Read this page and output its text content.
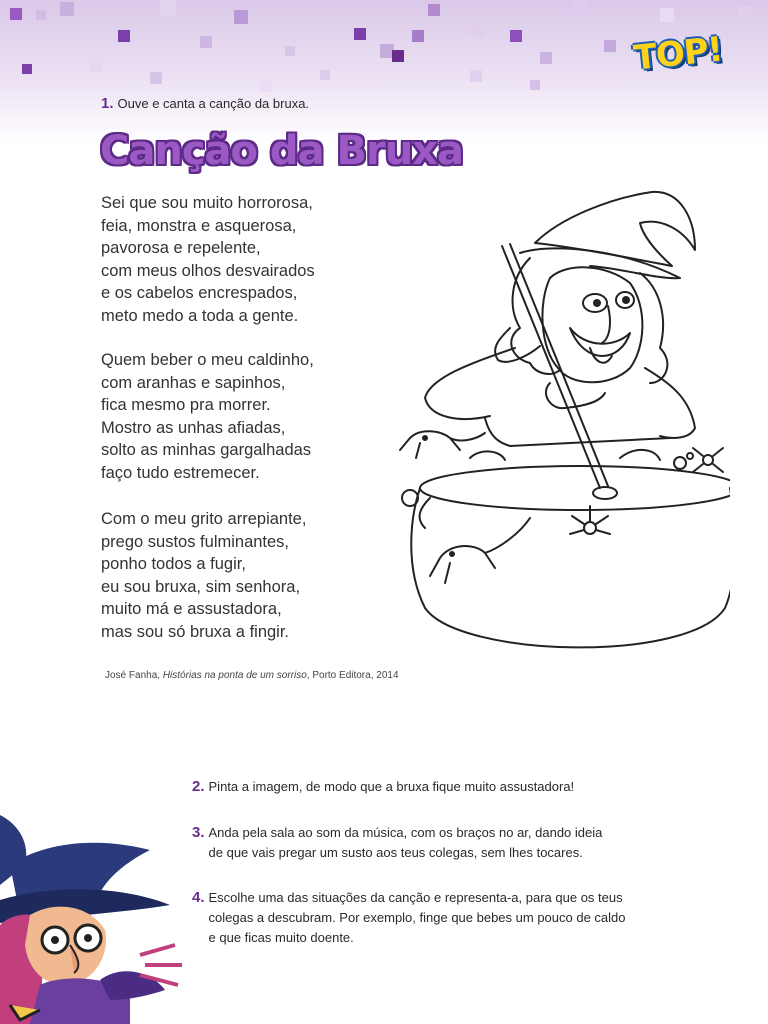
TOP!
1. Ouve e canta a canção da bruxa.
Canção da Bruxa
Sei que sou muito horrorosa,
feia, monstra e asquerosa,
pavorosa e repelente,
com meus olhos desvairados
e os cabelos encrespados,
meto medo a toda a gente.
Quem beber o meu caldinho,
com aranhas e sapinhos,
fica mesmo pra morrer.
Mostro as unhas afiadas,
solto as minhas gargalhadas
faço tudo estremecer.
Com o meu grito arrepiante,
prego sustos fulminantes,
ponho todos a fugir,
eu sou bruxa, sim senhora,
muito má e assustadora,
mas sou só bruxa a fingir.
José Fanha, Histórias na ponta de um sorriso, Porto Editora, 2014
2. Pinta a imagem, de modo que a bruxa fique muito assustadora!
3. Anda pela sala ao som da música, com os braços no ar, dando ideia
de que vais pregar um susto aos teus colegas, sem lhes tocares.
4. Escolhe uma das situações da canção e representa-a, para que os teus
colegas a descubram. Por exemplo, finge que bebes um pouco de caldo
e que ficas muito doente.
